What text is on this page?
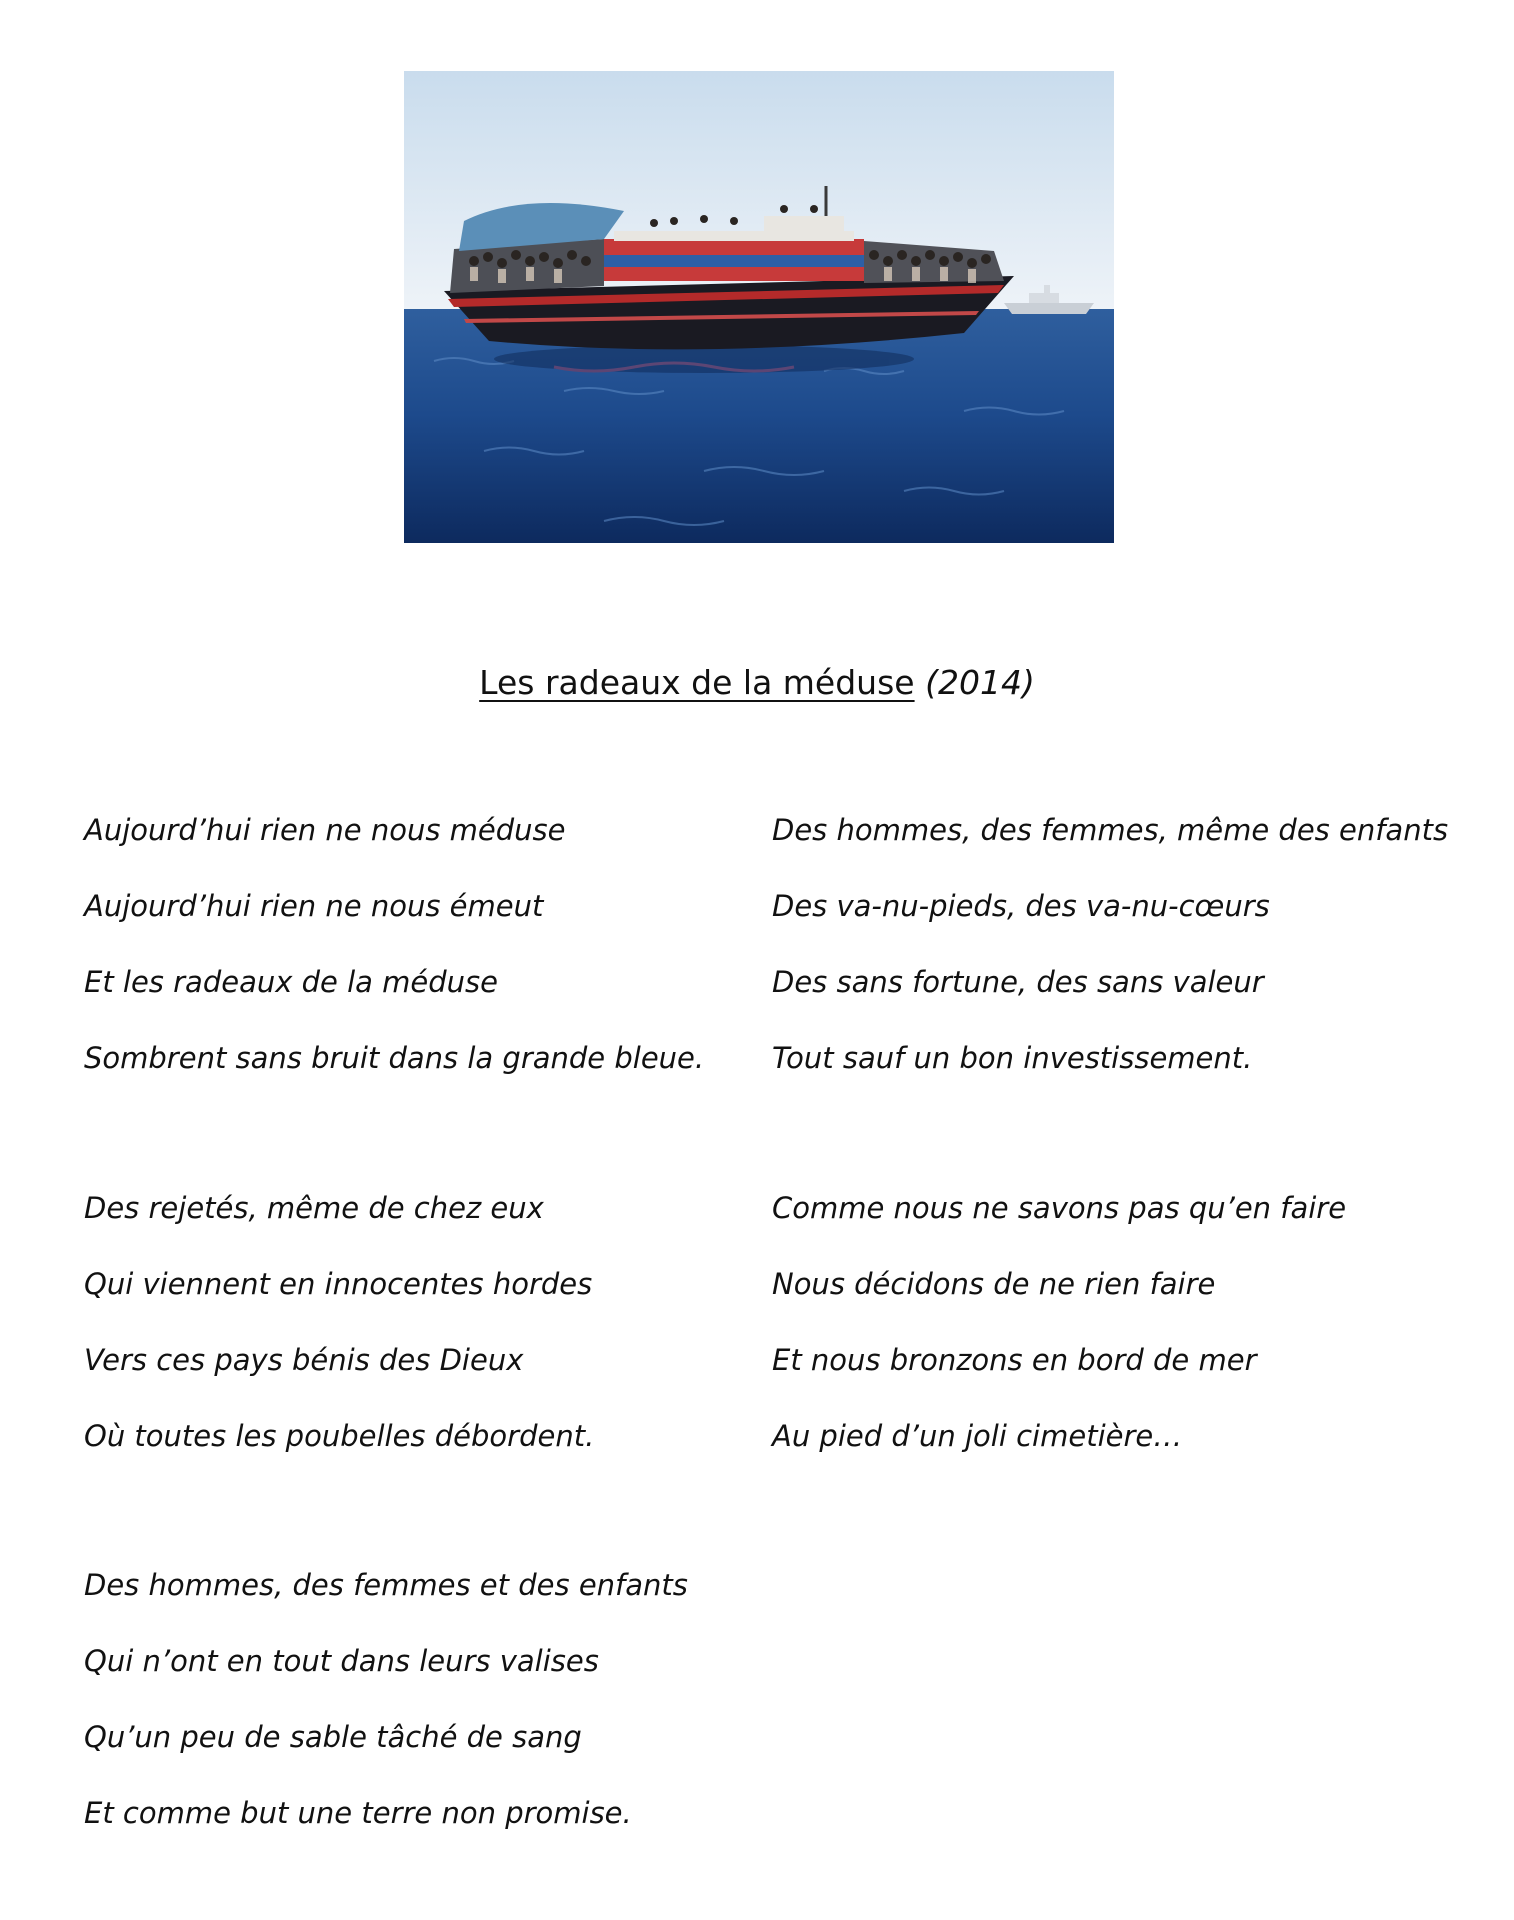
Les radeaux de la méduse (2014)
Aujourd’hui rien ne nous méduse
Aujourd’hui rien ne nous émeut
Et les radeaux de la méduse
Sombrent sans bruit dans la grande bleue.
Des hommes, des femmes, même des enfants
Des va-nu-pieds, des va-nu-cœurs
Des sans fortune, des sans valeur
Tout sauf un bon investissement.
Des rejetés, même de chez eux
Qui viennent en innocentes hordes
Vers ces pays bénis des Dieux
Où toutes les poubelles débordent.
Comme nous ne savons pas qu’en faire
Nous décidons de ne rien faire
Et nous bronzons en bord de mer
Au pied d’un joli cimetière…
Des hommes, des femmes et des enfants
Qui n’ont en tout dans leurs valises
Qu’un peu de sable tâché de sang
Et comme but une terre non promise.
